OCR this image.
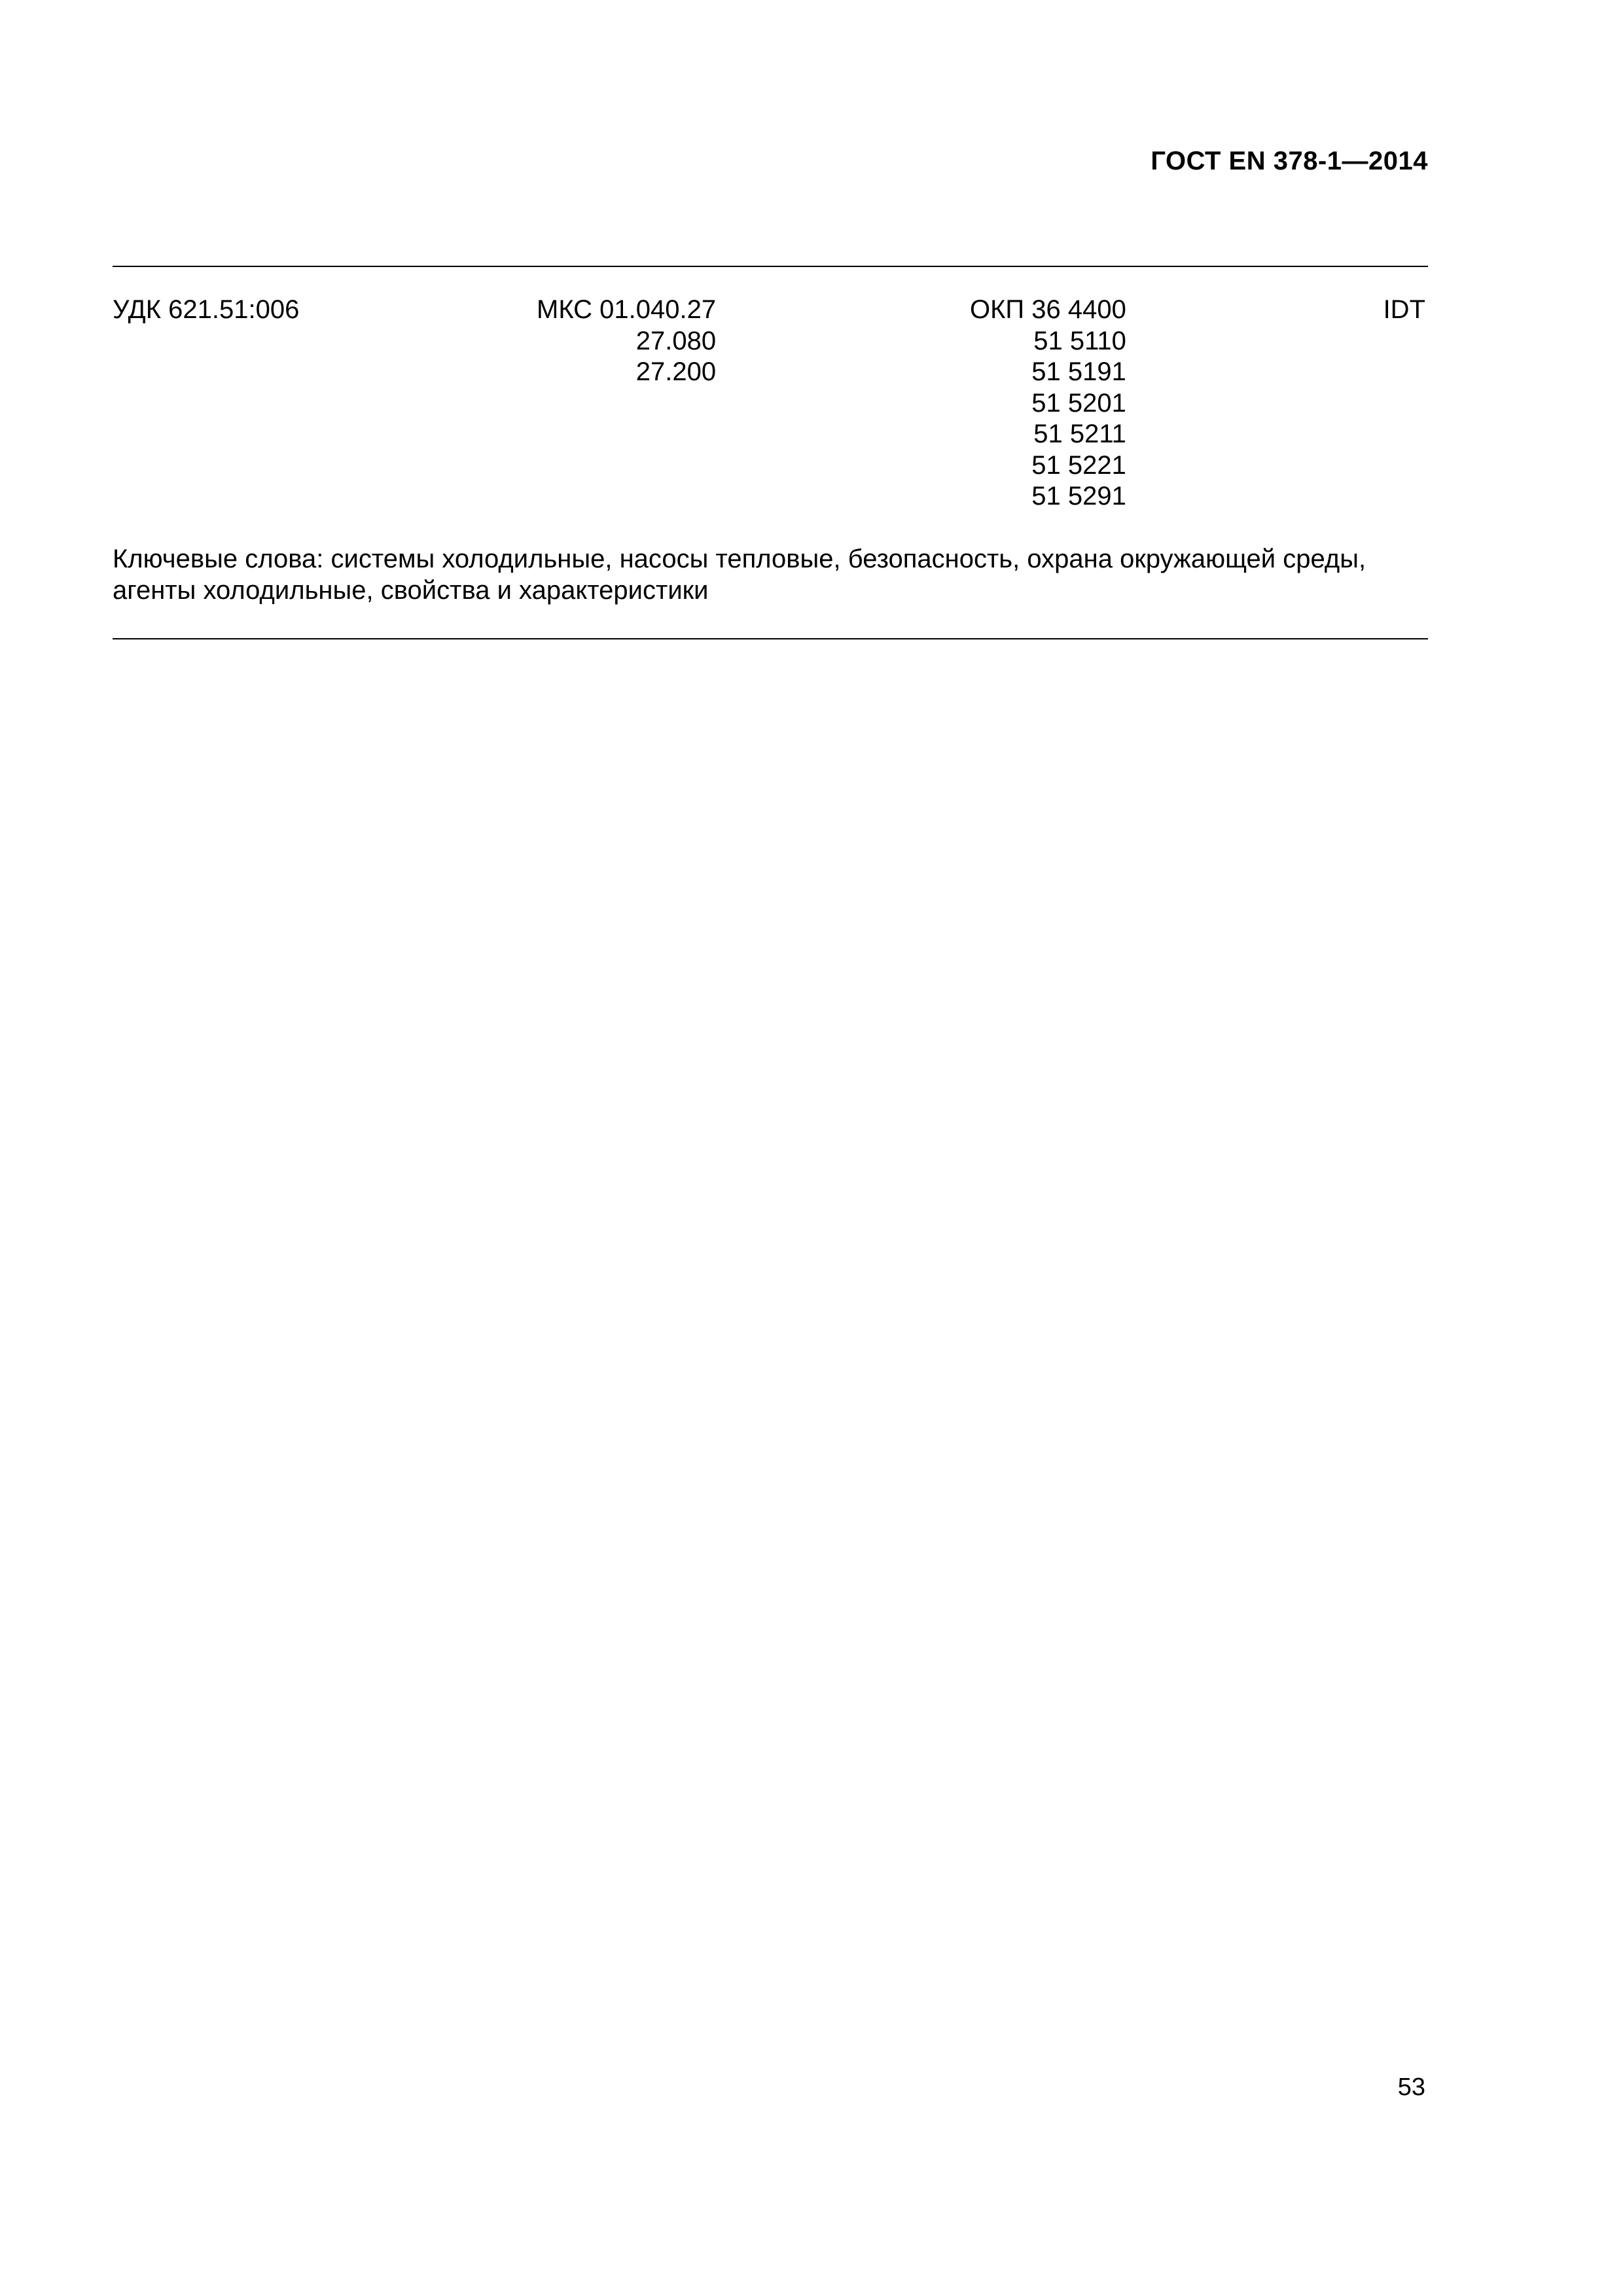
ГОСТ EN 378-1—2014
УДК 621.51:006	МКС 01.040.27
27.080
27.200
ОКП 36 4400
51 5110
51 5191
51 5201
51 5211
51 5221
51 5291
IDT
Ключевые слова: системы холодильные, насосы тепловые, безопасность, охрана окружающей среды,
агенты холодильные, свойства и характеристики
53
